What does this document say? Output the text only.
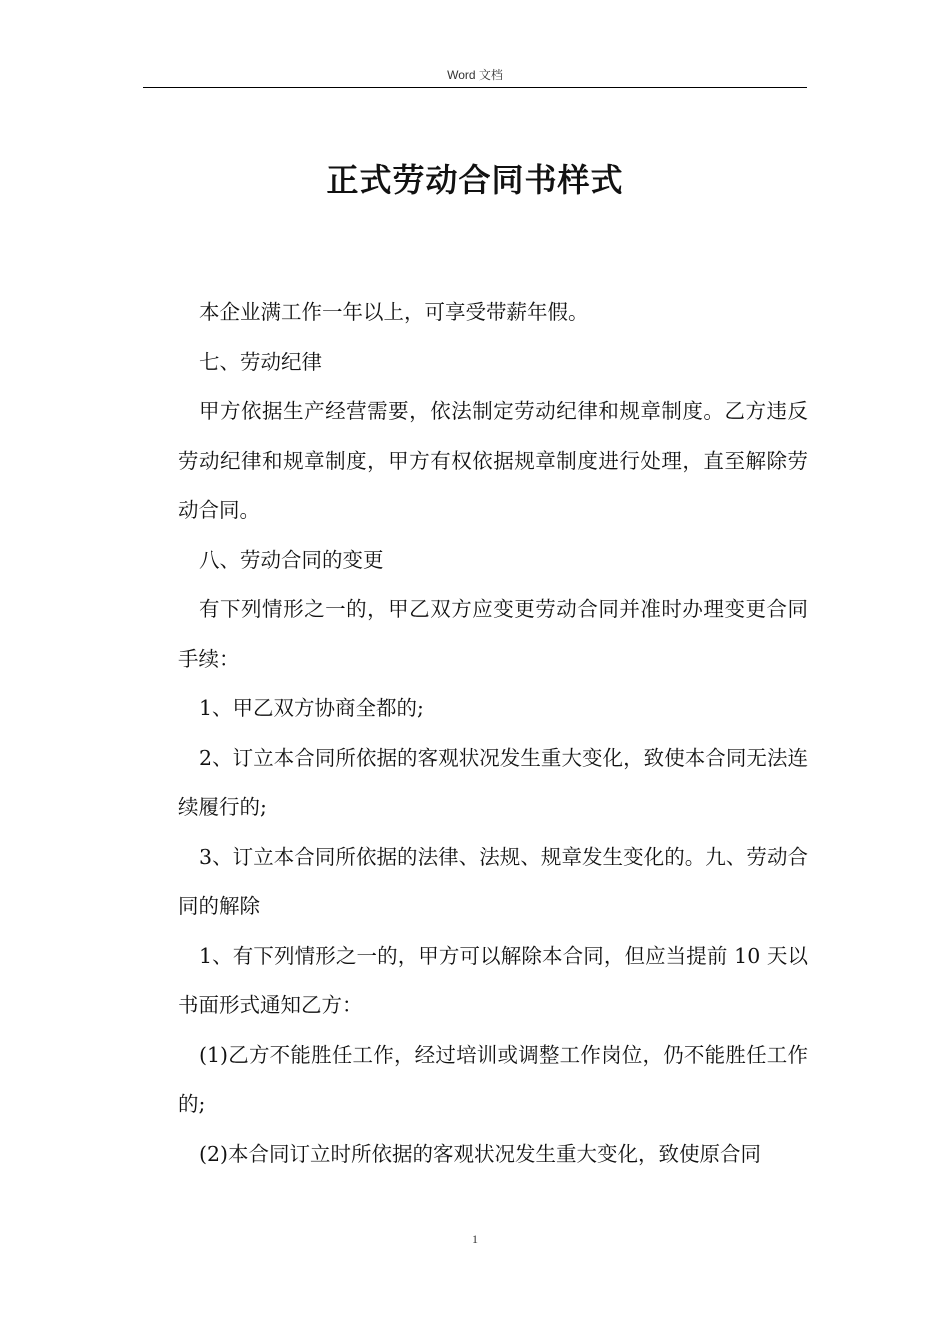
Word 文档
正式劳动合同书样式

本企业满工作一年以上，可享受带薪年假。

七、劳动纪律

甲方依据生产经营需要，依法制定劳动纪律和规章制度。乙方违反劳动纪律和规章制度，甲方有权依据规章制度进行处理，直至解除劳动合同。

八、劳动合同的变更

有下列情形之一的，甲乙双方应变更劳动合同并准时办理变更合同手续：

1、甲乙双方协商全都的;

2、订立本合同所依据的客观状况发生重大变化，致使本合同无法连续履行的;

3、订立本合同所依据的法律、法规、规章发生变化的。九、劳动合同的解除

1、有下列情形之一的，甲方可以解除本合同，但应当提前 10 天以书面形式通知乙方：

(1)乙方不能胜任工作，经过培训或调整工作岗位，仍不能胜任工作的;

(2)本合同订立时所依据的客观状况发生重大变化，致使原合同

1
